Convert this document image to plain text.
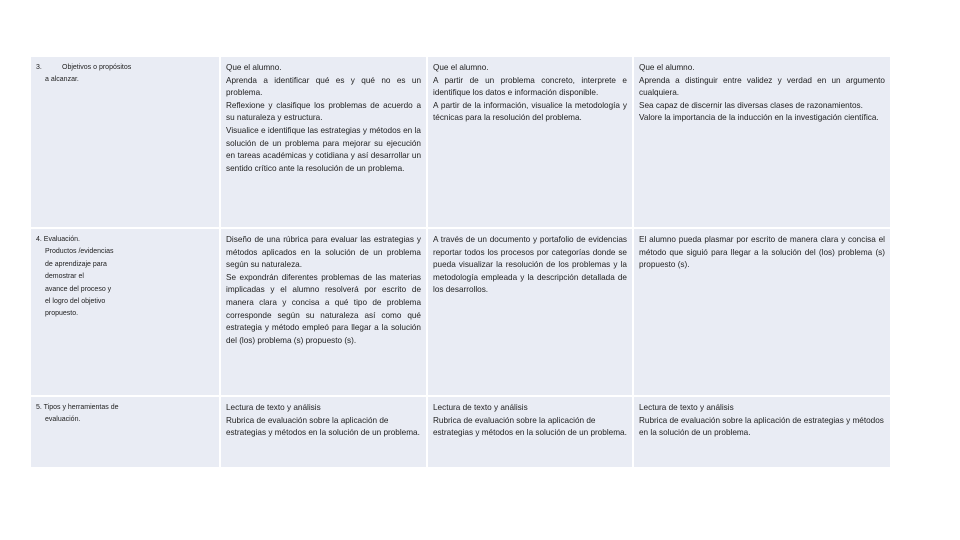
3.	Objetivos o propósitos
a alcanzar.
Que el alumno.
Aprenda a identificar qué es y qué no es un problema.
Reflexione y clasifique los problemas de acuerdo a su naturaleza y estructura.
Visualice e identifique las estrategias y métodos en la solución de un problema para mejorar su ejecución en tareas académicas y cotidiana y así desarrollar un sentido crítico ante la resolución de un problema.
Que el alumno.
A partir de un problema concreto, interprete e identifique los datos e información disponible.
A partir de la información, visualice la metodología y técnicas para la resolución del problema.
Que el alumno.
Aprenda a distinguir entre validez y verdad en un argumento cualquiera.
Sea capaz de discernir las diversas clases de razonamientos.
Valore la importancia de la inducción en la investigación científica.
4. Evaluación.
Productos /evidencias
de aprendizaje para
demostrar el
avance del proceso y
el logro del objetivo
propuesto.
Diseño de una rúbrica para evaluar las estrategias y métodos aplicados en la solución de un problema según su naturaleza.
Se expondrán diferentes problemas de las materias implicadas y el alumno resolverá por escrito de manera clara y concisa a qué tipo de problema corresponde según su naturaleza así como qué estrategia y método empleó para llegar a la solución del (los) problema (s) propuesto (s).
A través de un documento y portafolio de evidencias reportar todos los procesos por categorías donde se pueda visualizar la resolución de los problemas y la metodología empleada y la descripción detallada de los desarrollos.
El alumno pueda plasmar por escrito de manera clara y concisa el método que siguió para llegar a la solución del (los) problema (s) propuesto (s).
5. Tipos y herramientas de
evaluación.
Lectura de texto y análisis
Rubrica de evaluación sobre la aplicación de estrategias y métodos en la solución de un problema.
Lectura de texto y análisis
Rubrica de evaluación sobre la aplicación de estrategias y métodos en la solución de un problema.
Lectura de texto y análisis
Rubrica de evaluación sobre la aplicación de estrategias y métodos en la solución de un problema.
